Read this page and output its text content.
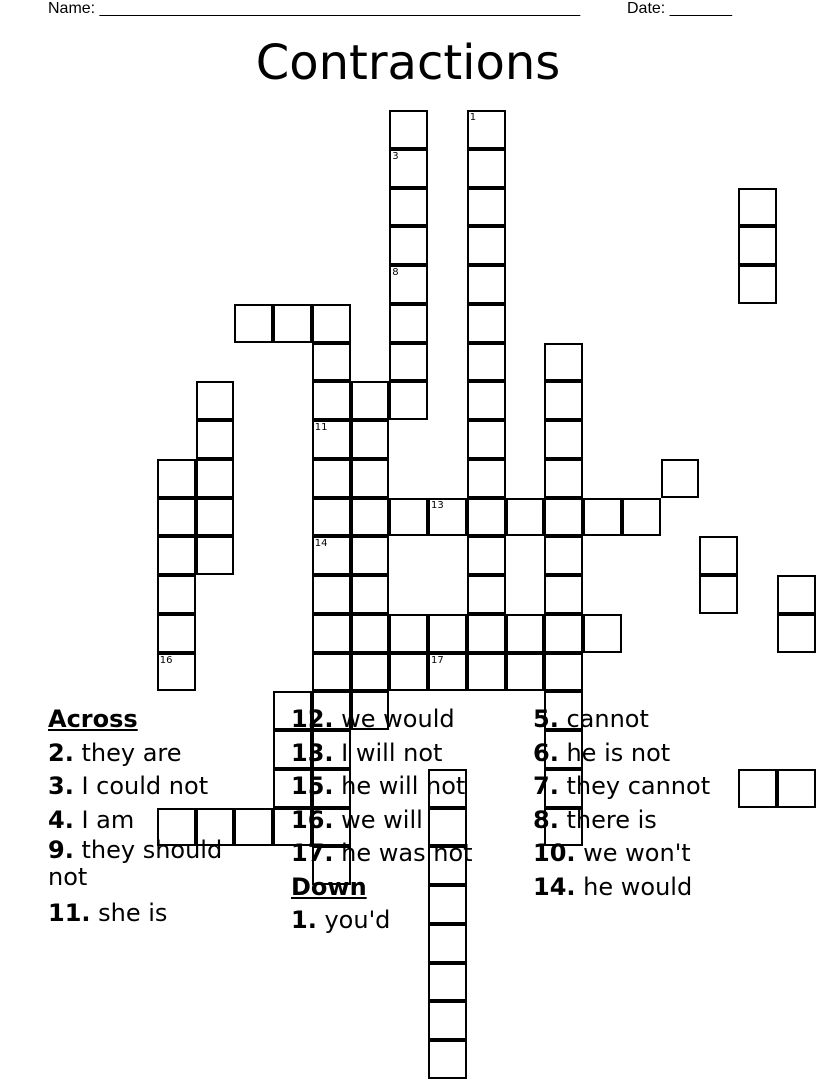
Name: ______________________________________________________	Date: _______
Contractions
1
16
3
8
11
14
13
17
Across
2. they are
3. I could not
4. I am
9. they should not
11. she is
12. we would
13. I will not
15. he will not
16. we will
17. he was not
Down
1. you'd
5. cannot
6. he is not
7. they cannot
8. there is
10. we won't
14. he would
